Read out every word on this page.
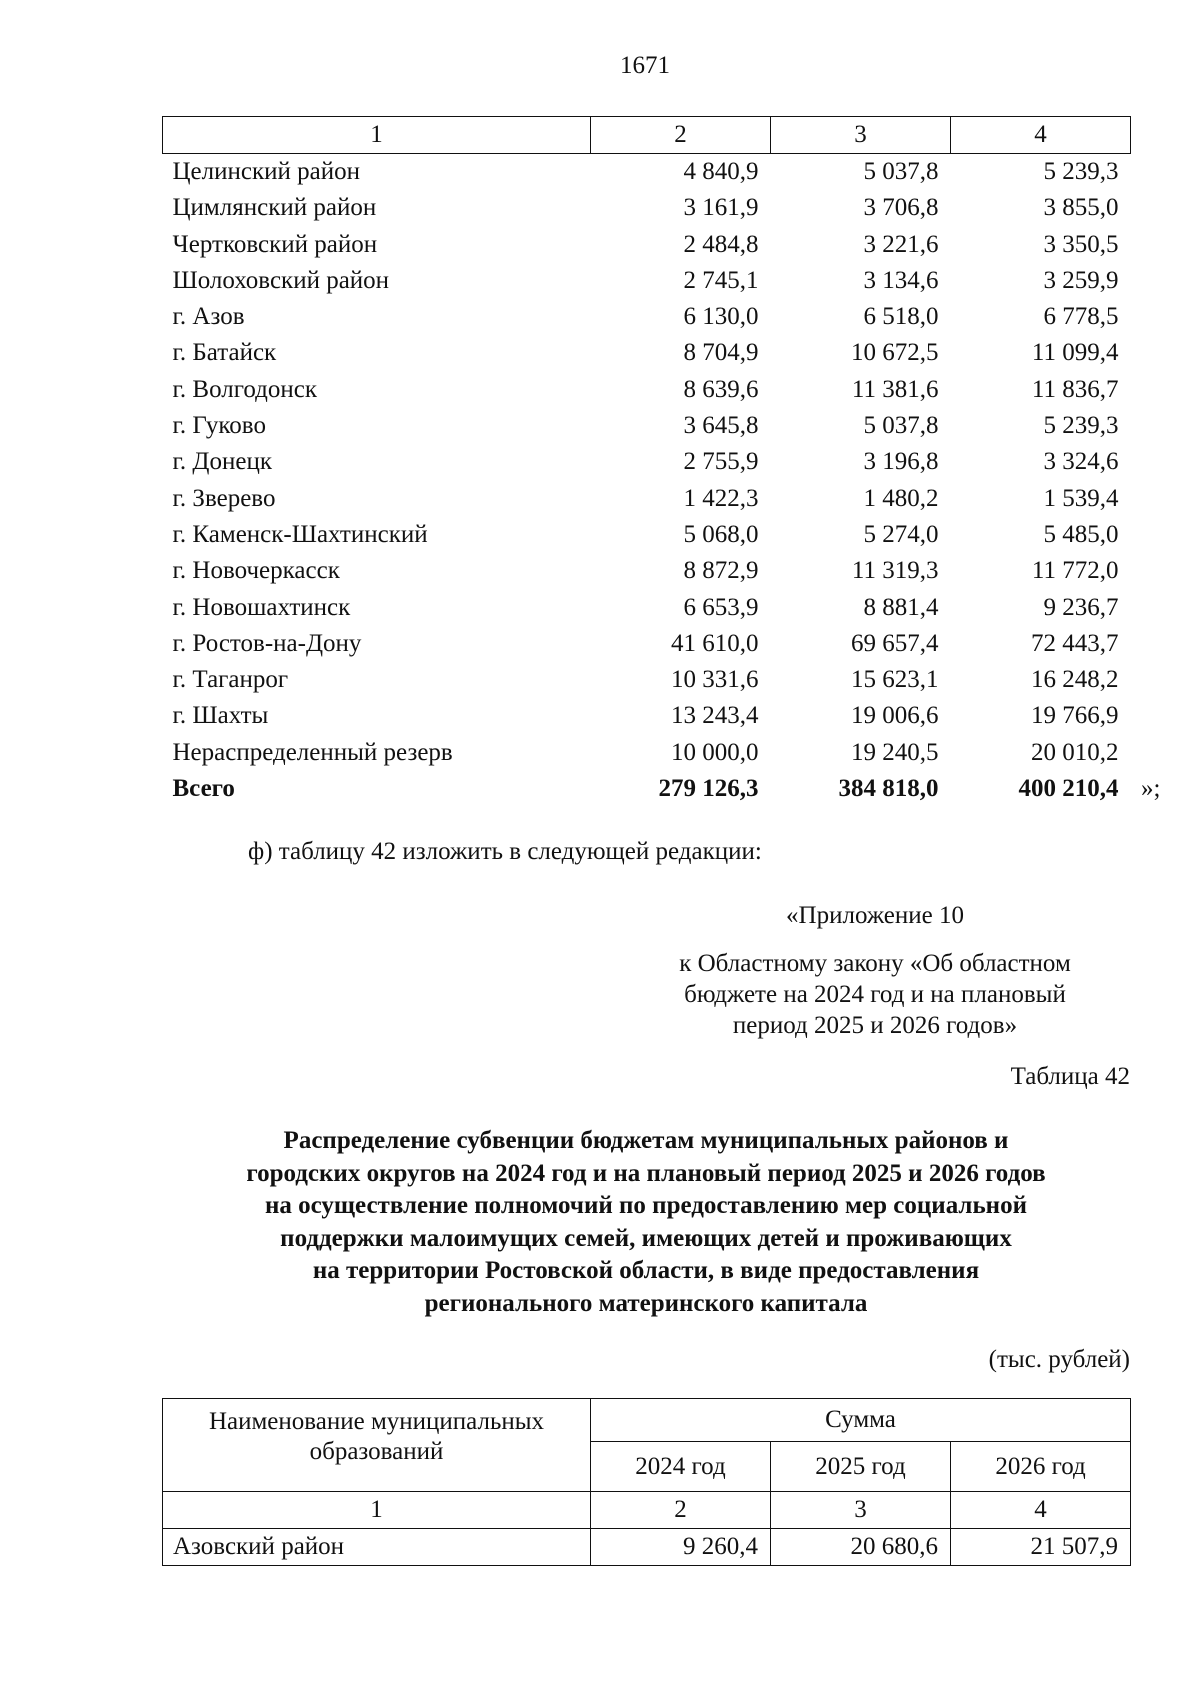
1671
1	2	3	4
Целинский район	4 840,9	5 037,8	5 239,3
Цимлянский район	3 161,9	3 706,8	3 855,0
Чертковский район	2 484,8	3 221,6	3 350,5
Шолоховский район	2 745,1	3 134,6	3 259,9
г. Азов	6 130,0	6 518,0	6 778,5
г. Батайск	8 704,9	10 672,5	11 099,4
г. Волгодонск	8 639,6	11 381,6	11 836,7
г. Гуково	3 645,8	5 037,8	5 239,3
г. Донецк	2 755,9	3 196,8	3 324,6
г. Зверево	1 422,3	1 480,2	1 539,4
г. Каменск-Шахтинский	5 068,0	5 274,0	5 485,0
г. Новочеркасск	8 872,9	11 319,3	11 772,0
г. Новошахтинск	6 653,9	8 881,4	9 236,7
г. Ростов-на-Дону	41 610,0	69 657,4	72 443,7
г. Таганрог	10 331,6	15 623,1	16 248,2
г. Шахты	13 243,4	19 006,6	19 766,9
Нераспределенный резерв	10 000,0	19 240,5	20 010,2
Всего	279 126,3	384 818,0	400 210,4 »;
ф) таблицу 42 изложить в следующей редакции:
«Приложение 10
к Областному закону «Об областном
бюджете на 2024 год и на плановый
период 2025 и 2026 годов»
Таблица 42
Распределение субвенции бюджетам муниципальных районов и
городских округов на 2024 год и на плановый период 2025 и 2026 годов
на осуществление полномочий по предоставлению мер социальной
поддержки малоимущих семей, имеющих детей и проживающих
на территории Ростовской области, в виде предоставления
регионального материнского капитала
(тыс. рублей)
Наименование муниципальных
образований	Сумма		
	2024 год	2025 год	2026 год
1	2	3	4
Азовский район	9 260,4	20 680,6	21 507,9
